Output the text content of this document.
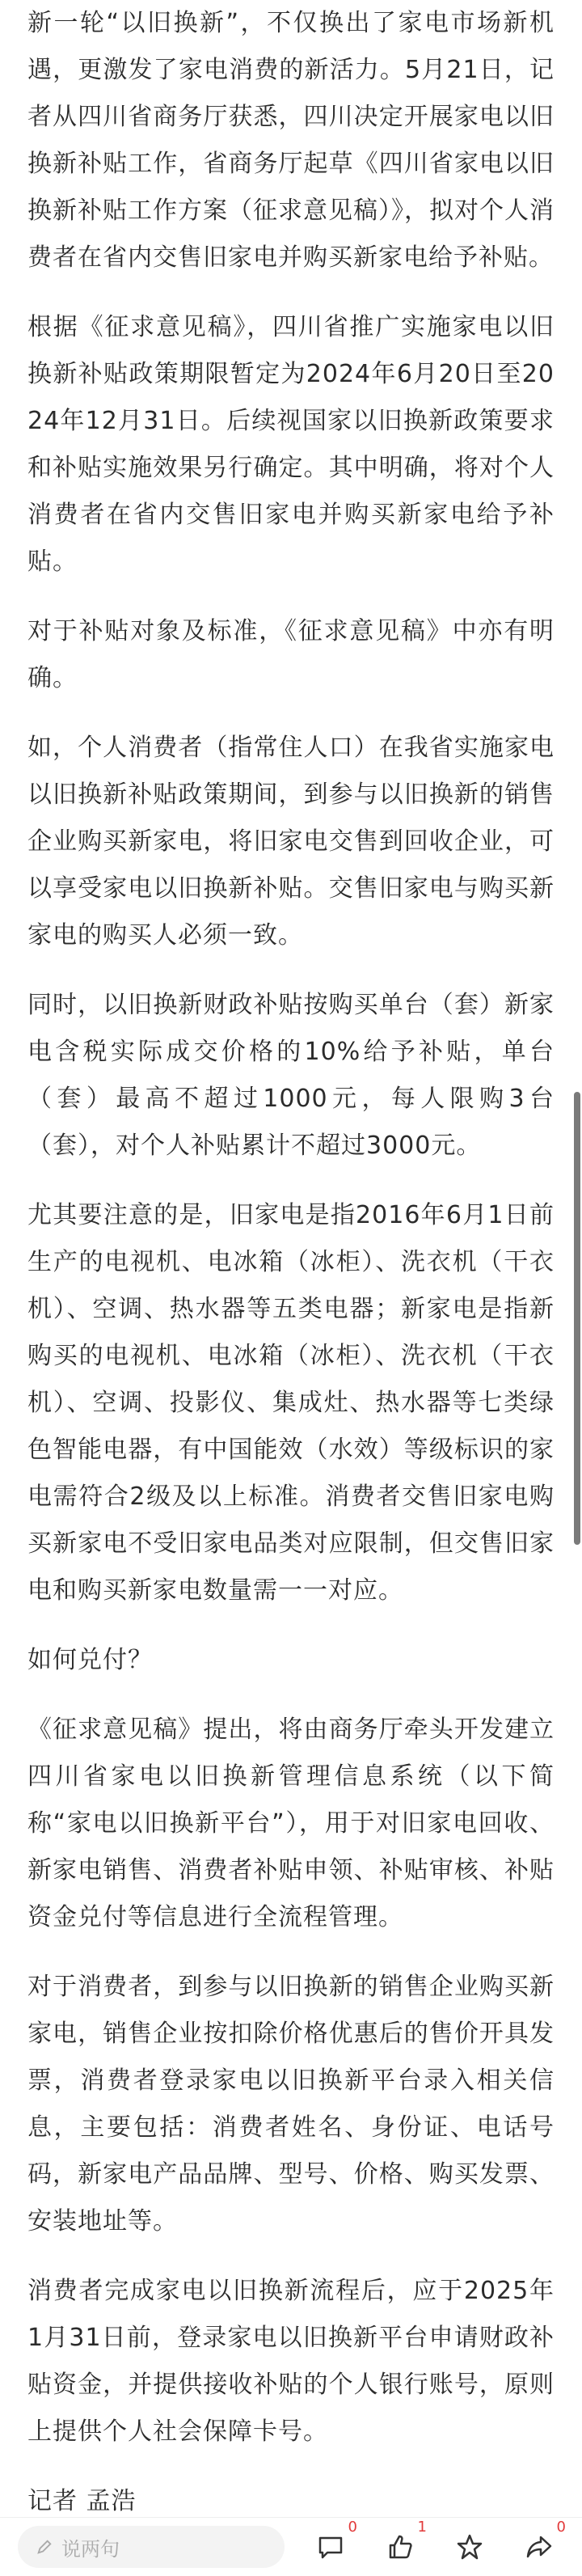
新一轮“以旧换新”，不仅换出了家电市场新机遇，更激发了家电消费的新活力。5月21日，记者从四川省商务厅获悉，四川决定开展家电以旧换新补贴工作，省商务厅起草《四川省家电以旧换新补贴工作方案（征求意见稿）》，拟对个人消费者在省内交售旧家电并购买新家电给予补贴。

根据《征求意见稿》，四川省推广实施家电以旧换新补贴政策期限暂定为2024年6月20日至2024年12月31日。后续视国家以旧换新政策要求和补贴实施效果另行确定。其中明确，将对个人消费者在省内交售旧家电并购买新家电给予补贴。

对于补贴对象及标准，《征求意见稿》中亦有明确。

如，个人消费者（指常住人口）在我省实施家电以旧换新补贴政策期间，到参与以旧换新的销售企业购买新家电，将旧家电交售到回收企业，可以享受家电以旧换新补贴。交售旧家电与购买新家电的购买人必须一致。

同时，以旧换新财政补贴按购买单台（套）新家电含税实际成交价格的10%给予补贴，单台（套）最高不超过1000元，每人限购3台（套），对个人补贴累计不超过3000元。

尤其要注意的是，旧家电是指2016年6月1日前生产的电视机、电冰箱（冰柜）、洗衣机（干衣机）、空调、热水器等五类电器；新家电是指新购买的电视机、电冰箱（冰柜）、洗衣机（干衣机）、空调、投影仪、集成灶、热水器等七类绿色智能电器，有中国能效（水效）等级标识的家电需符合2级及以上标准。消费者交售旧家电购买新家电不受旧家电品类对应限制，但交售旧家电和购买新家电数量需一一对应。

如何兑付？

《征求意见稿》提出，将由商务厅牵头开发建立四川省家电以旧换新管理信息系统（以下简称“家电以旧换新平台”），用于对旧家电回收、新家电销售、消费者补贴申领、补贴审核、补贴资金兑付等信息进行全流程管理。

对于消费者，到参与以旧换新的销售企业购买新家电，销售企业按扣除价格优惠后的售价开具发票，消费者登录家电以旧换新平台录入相关信息，主要包括：消费者姓名、身份证、电话号码，新家电产品品牌、型号、价格、购买发票、安装地址等。

消费者完成家电以旧换新流程后，应于2025年1月31日前，登录家电以旧换新平台申请财政补贴资金，并提供接收补贴的个人银行账号，原则上提供个人社会保障卡号。

记者 孟浩

说两句
0	1	0
